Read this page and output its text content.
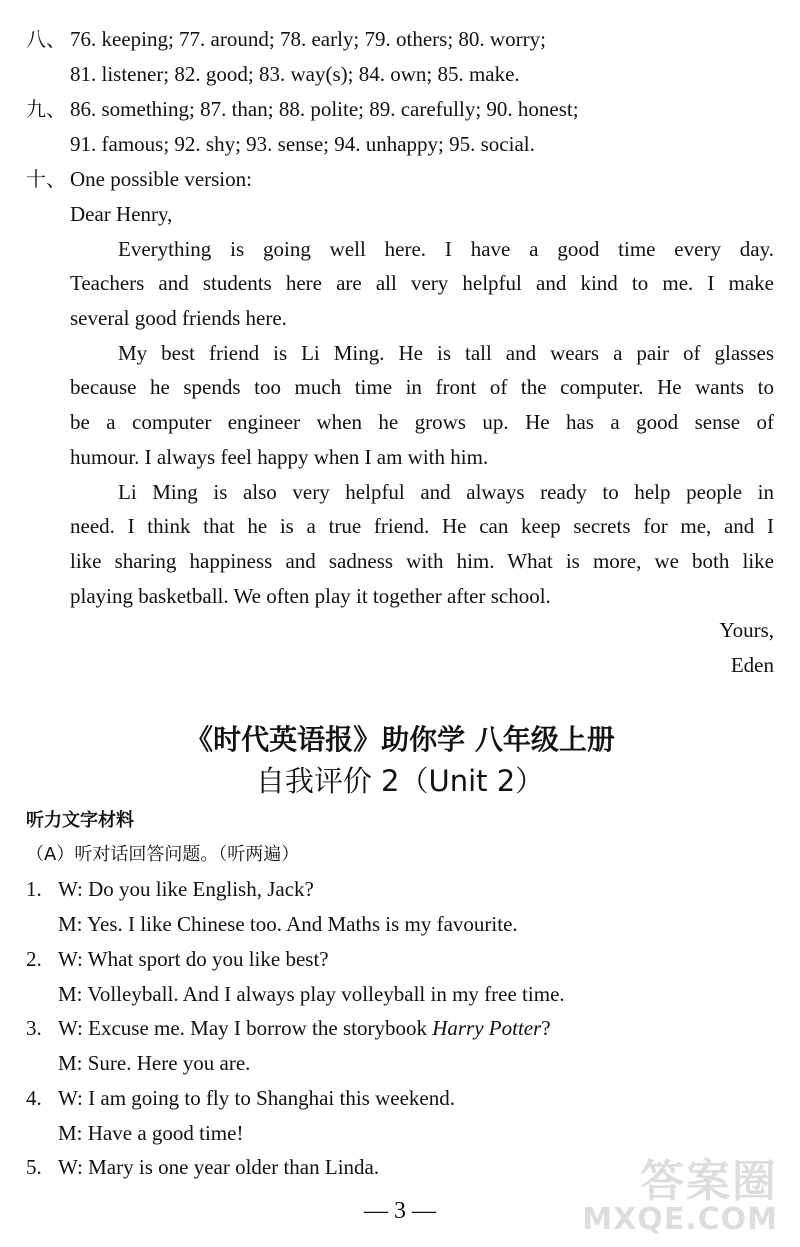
八、 76. keeping; 77. around; 78. early; 79. others; 80. worry;
81. listener; 82. good; 83. way(s); 84. own; 85. make.
九、 86. something; 87. than; 88. polite; 89. carefully; 90. honest;
91. famous; 92. shy; 93. sense; 94. unhappy; 95. social.
十、 One possible version:
Dear Henry,
Everything is going well here. I have a good time every day.
Teachers and students here are all very helpful and kind to me. I make
several good friends here.
My best friend is Li Ming. He is tall and wears a pair of glasses
because he spends too much time in front of the computer. He wants to
be a computer engineer when he grows up. He has a good sense of
humour. I always feel happy when I am with him.
Li Ming is also very helpful and always ready to help people in
need. I think that he is a true friend. He can keep secrets for me, and I
like sharing happiness and sadness with him. What is more, we both like
playing basketball. We often play it together after school.
Yours,
Eden
《时代英语报》助你学 八年级上册
自我评价 2（Unit 2）
听力文字材料
（A）听对话回答问题。（听两遍）
1. W: Do you like English, Jack?
M: Yes. I like Chinese too. And Maths is my favourite.
2. W: What sport do you like best?
M: Volleyball. And I always play volleyball in my free time.
3. W: Excuse me. May I borrow the storybook Harry Potter?
M: Sure. Here you are.
4. W: I am going to fly to Shanghai this weekend.
M: Have a good time!
5. W: Mary is one year older than Linda.
— 3 —
答案圈
MXQE.COM
